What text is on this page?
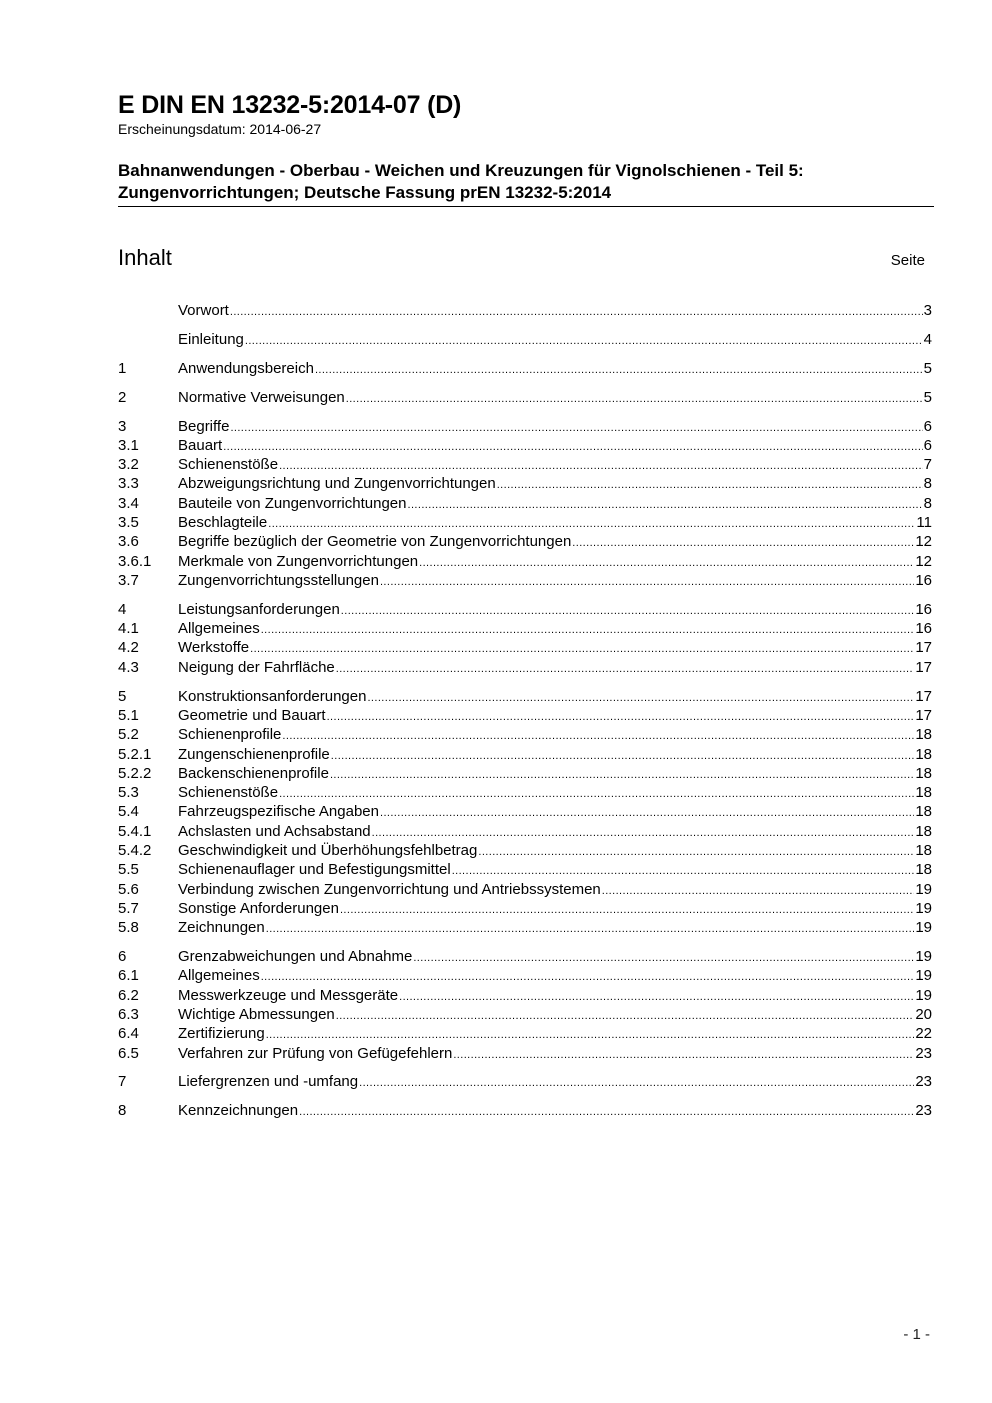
E DIN EN 13232-5:2014-07 (D)
Erscheinungsdatum: 2014-06-27
Bahnanwendungen - Oberbau - Weichen und Kreuzungen für Vignolschienen - Teil 5: Zungenvorrichtungen; Deutsche Fassung prEN 13232-5:2014
Inhalt	Seite
Vorwort .....	3
Einleitung .....	4
1	Anwendungsbereich .....	5
2	Normative Verweisungen .....	5
3	Begriffe .....	6
3.1	Bauart .....	6
3.2	Schienenstöße .....	7
3.3	Abzweigungsrichtung und Zungenvorrichtungen .....	8
3.4	Bauteile von Zungenvorrichtungen .....	8
3.5	Beschlagteile .....	11
3.6	Begriffe bezüglich der Geometrie von Zungenvorrichtungen .....	12
3.6.1	Merkmale von Zungenvorrichtungen .....	12
3.7	Zungenvorrichtungsstellungen .....	16
4	Leistungsanforderungen .....	16
4.1	Allgemeines .....	16
4.2	Werkstoffe .....	17
4.3	Neigung der Fahrfläche .....	17
5	Konstruktionsanforderungen .....	17
5.1	Geometrie und Bauart .....	17
5.2	Schienenprofile .....	18
5.2.1	Zungenschienenprofile .....	18
5.2.2	Backenschienenprofile .....	18
5.3	Schienenstöße .....	18
5.4	Fahrzeugspezifische Angaben .....	18
5.4.1	Achslasten und Achsabstand .....	18
5.4.2	Geschwindigkeit und Überhöhungsfehlbetrag .....	18
5.5	Schienenauflager und Befestigungsmittel .....	18
5.6	Verbindung zwischen Zungenvorrichtung und Antriebssystemen .....	19
5.7	Sonstige Anforderungen .....	19
5.8	Zeichnungen .....	19
6	Grenzabweichungen und Abnahme .....	19
6.1	Allgemeines .....	19
6.2	Messwerkzeuge und Messgeräte .....	19
6.3	Wichtige Abmessungen .....	20
6.4	Zertifizierung .....	22
6.5	Verfahren zur Prüfung von Gefügefehlern .....	23
7	Liefergrenzen und -umfang .....	23
8	Kennzeichnungen .....	23
- 1 -
